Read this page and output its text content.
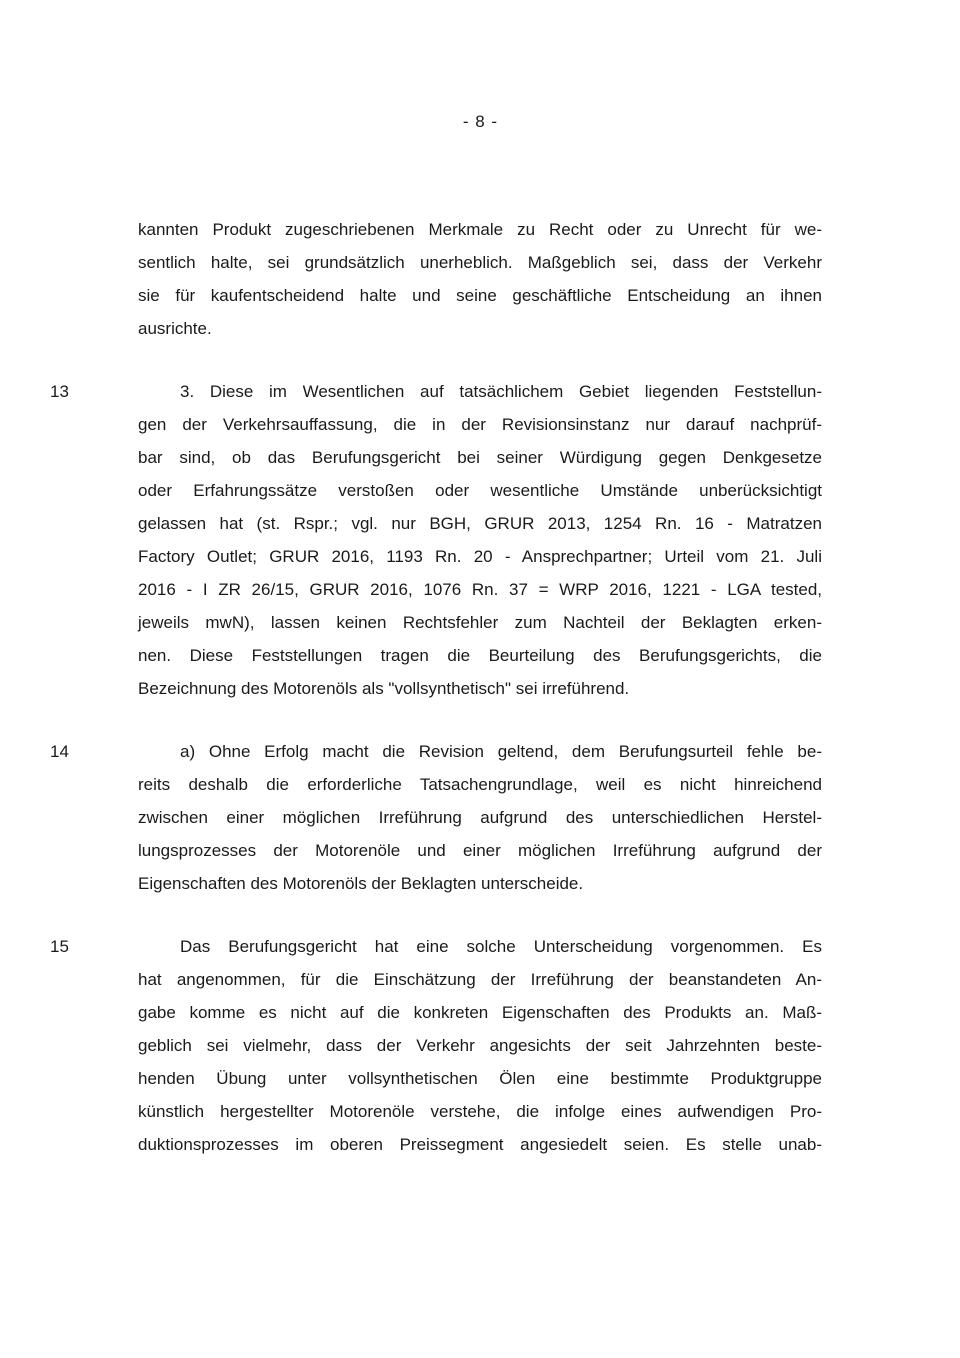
- 8 -
kannten Produkt zugeschriebenen Merkmale zu Recht oder zu Unrecht für we-
sentlich halte, sei grundsätzlich unerheblich. Maßgeblich sei, dass der Verkehr
sie für kaufentscheidend halte und seine geschäftliche Entscheidung an ihnen
ausrichte.
13	3. Diese im Wesentlichen auf tatsächlichem Gebiet liegenden Feststellun-
gen der Verkehrsauffassung, die in der Revisionsinstanz nur darauf nachprüf-
bar sind, ob das Berufungsgericht bei seiner Würdigung gegen Denkgesetze
oder Erfahrungssätze verstoßen oder wesentliche Umstände unberücksichtigt
gelassen hat (st. Rspr.; vgl. nur BGH, GRUR 2013, 1254 Rn. 16 - Matratzen
Factory Outlet; GRUR 2016, 1193 Rn. 20 - Ansprechpartner; Urteil vom 21. Juli
2016 - I ZR 26/15, GRUR 2016, 1076 Rn. 37 = WRP 2016, 1221 - LGA tested,
jeweils mwN), lassen keinen Rechtsfehler zum Nachteil der Beklagten erken-
nen. Diese Feststellungen tragen die Beurteilung des Berufungsgerichts, die
Bezeichnung des Motorenöls als "vollsynthetisch" sei irreführend.
14	a) Ohne Erfolg macht die Revision geltend, dem Berufungsurteil fehle be-
reits deshalb die erforderliche Tatsachengrundlage, weil es nicht hinreichend
zwischen einer möglichen Irreführung aufgrund des unterschiedlichen Herstel-
lungsprozesses der Motorenöle und einer möglichen Irreführung aufgrund der
Eigenschaften des Motorenöls der Beklagten unterscheide.
15	Das Berufungsgericht hat eine solche Unterscheidung vorgenommen. Es
hat angenommen, für die Einschätzung der Irreführung der beanstandeten An-
gabe komme es nicht auf die konkreten Eigenschaften des Produkts an. Maß-
geblich sei vielmehr, dass der Verkehr angesichts der seit Jahrzehnten beste-
henden Übung unter vollsynthetischen Ölen eine bestimmte Produktgruppe
künstlich hergestellter Motorenöle verstehe, die infolge eines aufwendigen Pro-
duktionsprozesses im oberen Preissegment angesiedelt seien. Es stelle unab-
